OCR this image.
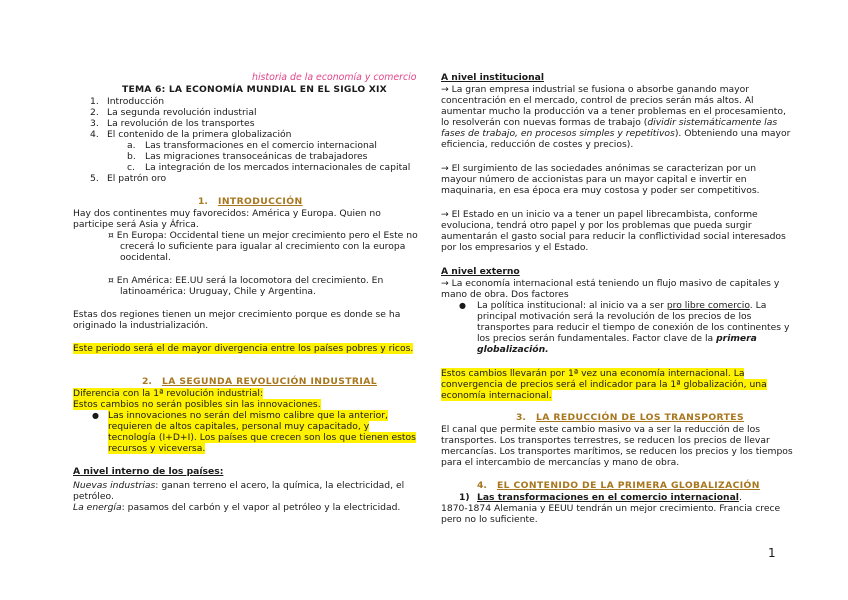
historia de la economía y comercio
TEMA 6: LA ECONOMÍA MUNDIAL EN EL SIGLO XIX
1. Introducción
2. La segunda revolución industrial
3. La revolución de los transportes
4. El contenido de la primera globalización
a. Las transformaciones en el comercio internacional
b. Las migraciones transoceánicas de trabajadores
c. La integración de los mercados internacionales de capital
5. El patrón oro
1. INTRODUCCIÓN
Hay dos continentes muy favorecidos: América y Europa. Quien no
participe será Asia y África.
¤ En Europa: Occidental tiene un mejor crecimiento pero el Este no
crecerá lo suficiente para igualar al crecimiento con la europa
oocidental.
¤ En América: EE.UU será la locomotora del crecimiento. En
latinoamérica: Uruguay, Chile y Argentina.
Estas dos regiones tienen un mejor crecimiento porque es donde se ha
originado la industrialización.
Este periodo será el de mayor divergencia entre los países pobres y ricos.
2. LA SEGUNDA REVOLUCIÓN INDUSTRIAL
Diferencia con la 1ª revolución industrial:
Estos cambios no serán posibles sin las innovaciones.
● Las innovaciones no serán del mismo calibre que la anterior,
requieren de altos capitales, personal muy capacitado, y
tecnología (I+D+I). Los países que crecen son los que tienen estos
recursos y viceversa.
A nivel interno de los países:
Nuevas industrias: ganan terreno el acero, la química, la electricidad, el
petróleo.
La energía: pasamos del carbón y el vapor al petróleo y la electricidad.
A nivel institucional
→ La gran empresa industrial se fusiona o absorbe ganando mayor
concentración en el mercado, control de precios serán más altos. Al
aumentar mucho la producción va a tener problemas en el procesamiento,
lo resolverán con nuevas formas de trabajo (dividir sistemáticamente las
fases de trabajo, en procesos simples y repetitivos). Obteniendo una mayor
eficiencia, reducción de costes y precios).
→ El surgimiento de las sociedades anónimas se caracterizan por un
mayour número de accionistas para un mayor capital e invertir en
maquinaria, en esa época era muy costosa y poder ser competitivos.
→ El Estado en un inicio va a tener un papel librecambista, conforme
evoluciona, tendrá otro papel y por los problemas que pueda surgir
aumentarán el gasto social para reducir la conflictividad social interesados
por los empresarios y el Estado.
A nivel externo
→ La economía internacional está teniendo un flujo masivo de capitales y
mano de obra. Dos factores
● La política institucional: al inicio va a ser pro libre comercio. La
principal motivación será la revolución de los precios de los
transportes para reducir el tiempo de conexión de los continentes y
los precios serán fundamentales. Factor clave de la primera
globalización.
Estos cambios llevarán por 1ª vez una economía internacional. La
convergencia de precios será el indicador para la 1ª globalización, una
economía internacional.
3. LA REDUCCIÓN DE LOS TRANSPORTES
El canal que permite este cambio masivo va a ser la reducción de los
transportes. Los transportes terrestres, se reducen los precios de llevar
mercancías. Los transportes marítimos, se reducen los precios y los tiempos
para el intercambio de mercancías y mano de obra.
4. EL CONTENIDO DE LA PRIMERA GLOBALIZACIÓN
1) Las transformaciones en el comercio internacional.
1870-1874 Alemania y EEUU tendrán un mejor crecimiento. Francia crece
pero no lo suficiente.
1
